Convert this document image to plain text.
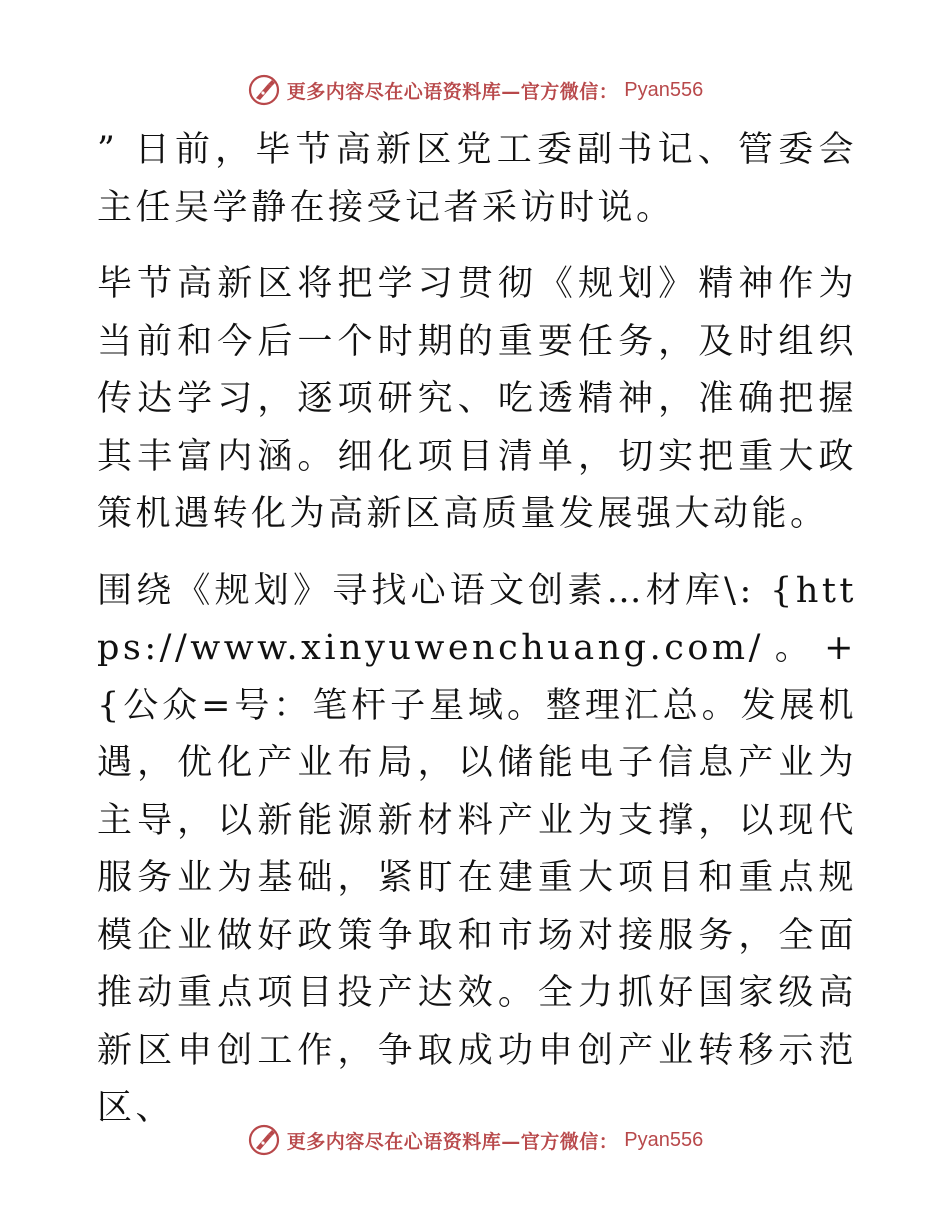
更多内容尽在心语资料库—官方微信： Pyan556

” 日前，毕节高新区党工委副书记、管委会主任吴学静在接受记者采访时说。

毕节高新区将把学习贯彻《规划》精神作为当前和今后一个时期的重要任务，及时组织传达学习，逐项研究、吃透精神，准确把握其丰富内涵。细化项目清单，切实把重大政策机遇转化为高新区高质量发展强大动能。

围绕《规划》寻找心语文创素…材库\: {https://www.xinyuwenchuang.com/。+{公众=号：笔杆子星域。整理汇总。发展机遇，优化产业布局，以储能电子信息产业为主导，以新能源新材料产业为支撑，以现代服务业为基础，紧盯在建重大项目和重点规模企业做好政策争取和市场对接服务，全面推动重点项目投产达效。全力抓好国家级高新区申创工作，争取成功申创产业转移示范区、

更多内容尽在心语资料库—官方微信： Pyan556
